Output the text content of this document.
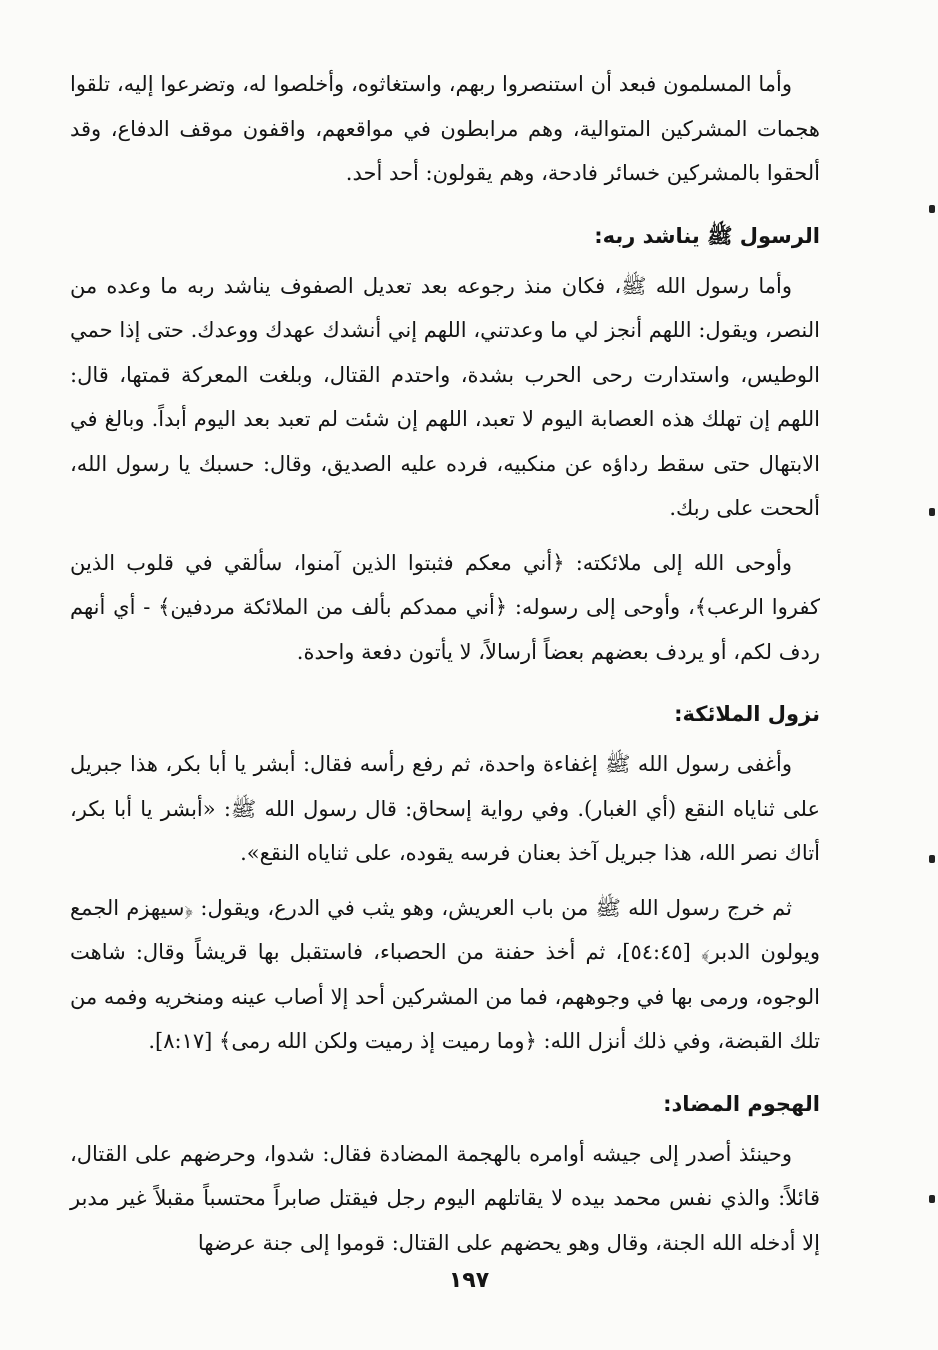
وأما المسلمون فبعد أن استنصروا ربهم، واستغاثوه، وأخلصوا له، وتضرعوا إليه، تلقوا هجمات المشركين المتوالية، وهم مرابطون في مواقعهم، واقفون موقف الدفاع، وقد ألحقوا بالمشركين خسائر فادحة، وهم يقولون: أحد أحد.

الرسول ﷺ يناشد ربه:

وأما رسول الله ﷺ، فكان منذ رجوعه بعد تعديل الصفوف يناشد ربه ما وعده من النصر، ويقول: اللهم أنجز لي ما وعدتني، اللهم إني أنشدك عهدك ووعدك. حتى إذا حمي الوطيس، واستدارت رحى الحرب بشدة، واحتدم القتال، وبلغت المعركة قمتها، قال: اللهم إن تهلك هذه العصابة اليوم لا تعبد، اللهم إن شئت لم تعبد بعد اليوم أبداً. وبالغ في الابتهال حتى سقط رداؤه عن منكبيه، فرده عليه الصديق، وقال: حسبك يا رسول الله، ألححت على ربك.

وأوحى الله إلى ملائكته: ﴿أني معكم فثبتوا الذين آمنوا، سألقي في قلوب الذين كفروا الرعب﴾، وأوحى إلى رسوله: ﴿أني ممدكم بألف من الملائكة مردفين﴾ - أي أنهم ردف لكم، أو يردف بعضهم بعضاً أرسالاً، لا يأتون دفعة واحدة.

نزول الملائكة:

وأغفى رسول الله ﷺ إغفاءة واحدة، ثم رفع رأسه فقال: أبشر يا أبا بكر، هذا جبريل على ثناياه النقع (أي الغبار). وفي رواية إسحاق: قال رسول الله ﷺ: «أبشر يا أبا بكر، أتاك نصر الله، هذا جبريل آخذ بعنان فرسه يقوده، على ثناياه النقع».

ثم خرج رسول الله ﷺ من باب العريش، وهو يثب في الدرع، ويقول: ﴿سيهزم الجمع ويولون الدبر﴾ [٥٤:٤٥]، ثم أخذ حفنة من الحصباء، فاستقبل بها قريشاً وقال: شاهت الوجوه، ورمى بها في وجوههم، فما من المشركين أحد إلا أصاب عينه ومنخريه وفمه من تلك القبضة، وفي ذلك أنزل الله: ﴿وما رميت إذ رميت ولكن الله رمى﴾ [٨:١٧].

الهجوم المضاد:

وحينئذ أصدر إلى جيشه أوامره بالهجمة المضادة فقال: شدوا، وحرضهم على القتال، قائلاً: والذي نفس محمد بيده لا يقاتلهم اليوم رجل فيقتل صابراً محتسباً مقبلاً غير مدبر إلا أدخله الله الجنة، وقال وهو يحضهم على القتال: قوموا إلى جنة عرضها

١٩٧
